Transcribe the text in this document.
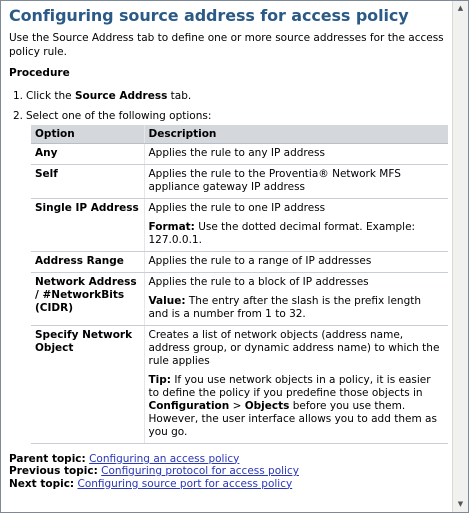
Configuring source address for access policy

Use the Source Address tab to define one or more source addresses for the access policy rule.

Procedure
1. Click the Source Address tab.
2. Select one of the following options:
Option	Description
Any	Applies the rule to any IP address
Self	Applies the rule to the Proventia® Network MFS appliance gateway IP address
Single IP Address	Applies the rule to one IP address
Format: Use the dotted decimal format. Example: 127.0.0.1.

Address Range	Applies the rule to a range of IP addresses
Network Address / #NetworkBits (CIDR)	Applies the rule to a block of IP addresses
Value: The entry after the slash is the prefix length and is a number from 1 to 32.

Specify Network Object	Creates a list of network objects (address name, address group, or dynamic address name) to which the rule applies
Tip: If you use network objects in a policy, it is easier to define the policy if you predefine those objects in Configuration > Objects before you use them. However, the user interface allows you to add them as you go.
Parent topic: Configuring an access policy
Previous topic: Configuring protocol for access policy
Next topic: Configuring source port for access policy
▲
▼
